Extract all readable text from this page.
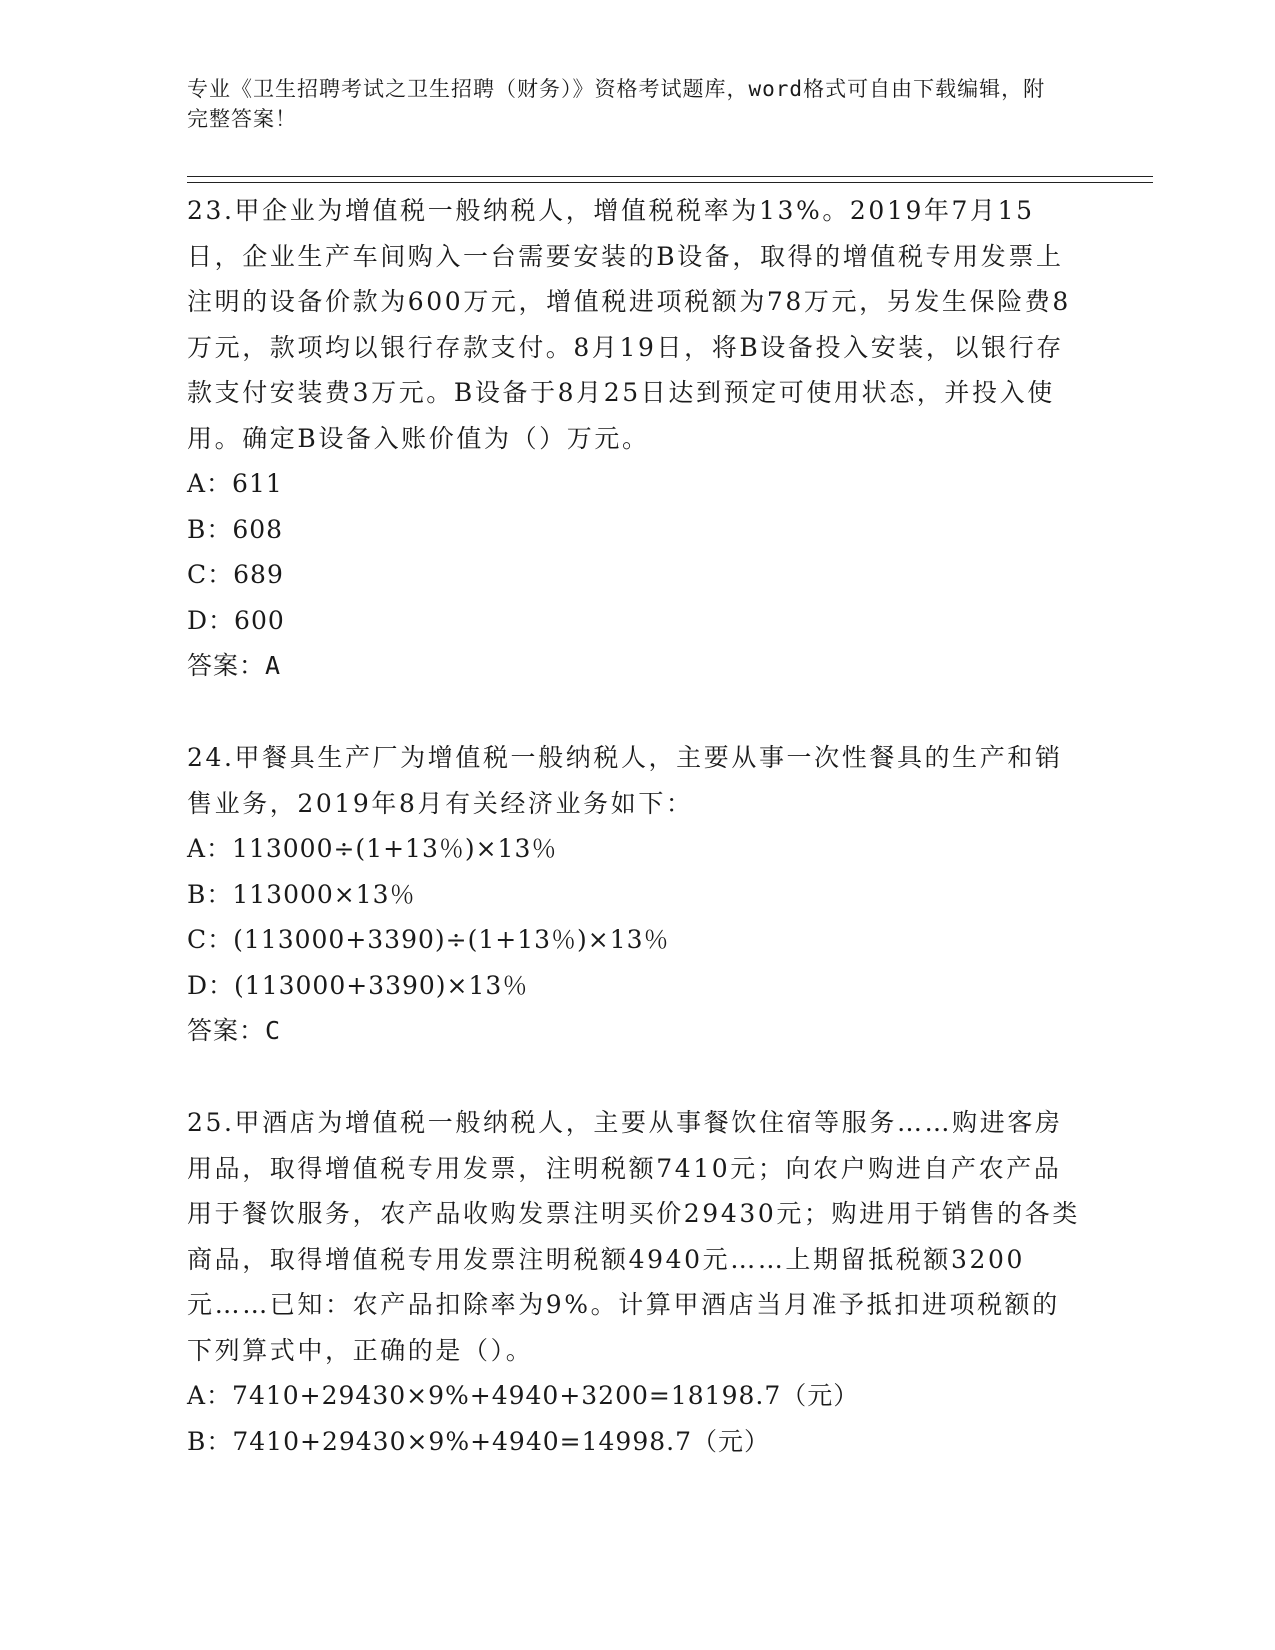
专业《卫生招聘考试之卫生招聘（财务）》资格考试题库，word格式可自由下载编辑，附完整答案！

23.甲企业为增值税一般纳税人，增值税税率为13%。2019年7月15日，企业生产车间购入一台需要安装的B设备，取得的增值税专用发票上注明的设备价款为600万元，增值税进项税额为78万元，另发生保险费8万元，款项均以银行存款支付。8月19日，将B设备投入安装，以银行存款支付安装费3万元。B设备于8月25日达到预定可使用状态，并投入使用。确定B设备入账价值为（）万元。

A：611

B：608

C：689

D：600

答案：A

24.甲餐具生产厂为增值税一般纳税人，主要从事一次性餐具的生产和销售业务，2019年8月有关经济业务如下：

A：113000÷(1+13％)×13％

B：113000×13％

C：(113000+3390)÷(1+13％)×13％

D：(113000+3390)×13％

答案：C

25.甲酒店为增值税一般纳税人，主要从事餐饮住宿等服务……购进客房用品，取得增值税专用发票，注明税额7410元；向农户购进自产农产品用于餐饮服务，农产品收购发票注明买价29430元；购进用于销售的各类商品，取得增值税专用发票注明税额4940元……上期留抵税额3200元……已知：农产品扣除率为9%。计算甲酒店当月准予抵扣进项税额的下列算式中，正确的是（）。

A：7410+29430×9%+4940+3200=18198.7（元）

B：7410+29430×9%+4940=14998.7（元）
